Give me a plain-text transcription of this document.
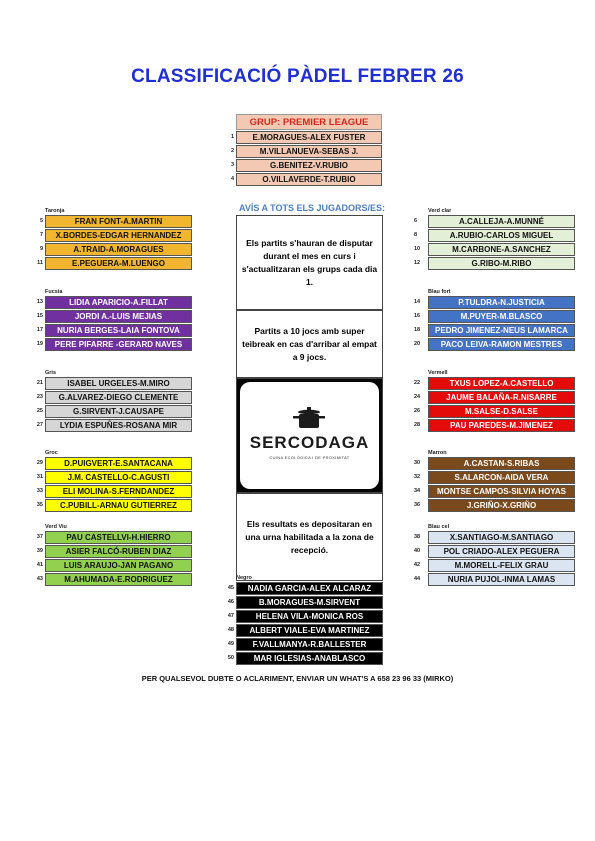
CLASSIFICACIÓ PÀDEL FEBRER 26
GRUP: PREMIER LEAGUE
1	E.MORAGUES-ALEX FUSTER
2	M.VILLANUEVA-SEBAS J.
3	G.BENITEZ-V.RUBIO
4	O.VILLAVERDE-T.RUBIO
AVÍS A TOTS ELS JUGADORS/ES:
Els partits s'hauran de disputar durant el mes en curs i s'actualitzaran els grups cada dia 1.
Partits a 10 jocs amb super teibreak en cas d'arribar al empat a 9 jocs.
SERCODAGA
CUINA ECOLÒGICA I DE PROXIMITAT
Els resultats es depositaran en una urna habilitada a la zona de recepció.
Taronja
5	FRAN FONT-A.MARTIN
7	X.BORDES-EDGAR HERNANDEZ
9	A.TRAID-A.MORAGUES
11	E.PEGUERA-M.LUENGO
Verd clar
6	A.CALLEJA-A.MUNNÉ
8	A.RUBIO-CARLOS MIGUEL
10	M.CARBONE-A.SANCHEZ
12	G.RIBO-M.RIBO
Fucsia
13	LIDIA APARICIO-A.FILLAT
15	JORDI A.-LUIS MEJIAS
17	NURIA BERGES-LAIA FONTOVA
19	PERE PIFARRE -GERARD NAVES
Blau fort
14	P.TULDRA-N.JUSTICIA
16	M.PUYER-M.BLASCO
18	PEDRO JIMENEZ-NEUS LAMARCA
20	PACO LEIVA-RAMON MESTRES
Gris
21	ISABEL URGELES-M.MIRO
23	G.ALVAREZ-DIEGO CLEMENTE
25	G.SIRVENT-J.CAUSAPE
27	LYDIA ESPUÑES-ROSANA MIR
Vermell
22	TXUS LOPEZ-A.CASTELLO
24	JAUME BALAÑA-R.NISARRE
26	M.SALSE-D.SALSE
28	PAU PAREDES-M.JIMENEZ
Groc
29	D.PUIGVERT-E.SANTACANA
31	J.M. CASTELLO-C.AGUSTI
33	ELI MOLINA-S.FERNDANDEZ
35	C.PUBILL-ARNAU GUTIERREZ
Marron
30	A.CASTAN-S.RIBAS
32	S.ALARCON-AIDA VERA
34	MONTSE CAMPOS-SILVIA HOYAS
36	J.GRIÑO-X.GRIÑO
Verd Viu
37	PAU CASTELLVI-H.HIERRO
39	ASIER FALCÓ-RUBEN DIAZ
41	LUIS ARAUJO-JAN PAGANO
43	M.AHUMADA-E.RODRIGUEZ
Blau cel
38	X.SANTIAGO-M.SANTIAGO
40	POL CRIADO-ALEX PEGUERA
42	M.MORELL-FELIX GRAU
44	NURIA PUJOL-INMA LAMAS
Negro
45	NADIA GARCIA-ALEX ALCARAZ
46	B.MORAGUES-M.SIRVENT
47	HELENA VILA-MONICA ROS
48	ALBERT VIALE-EVA MARTINEZ
49	F.VALLMANYA-R.BALLESTER
50	MAR IGLESIAS-ANABLASCO
PER QUALSEVOL DUBTE O ACLARIMENT, ENVIAR UN WHAT'S A 658 23 96 33 (MIRKO)
